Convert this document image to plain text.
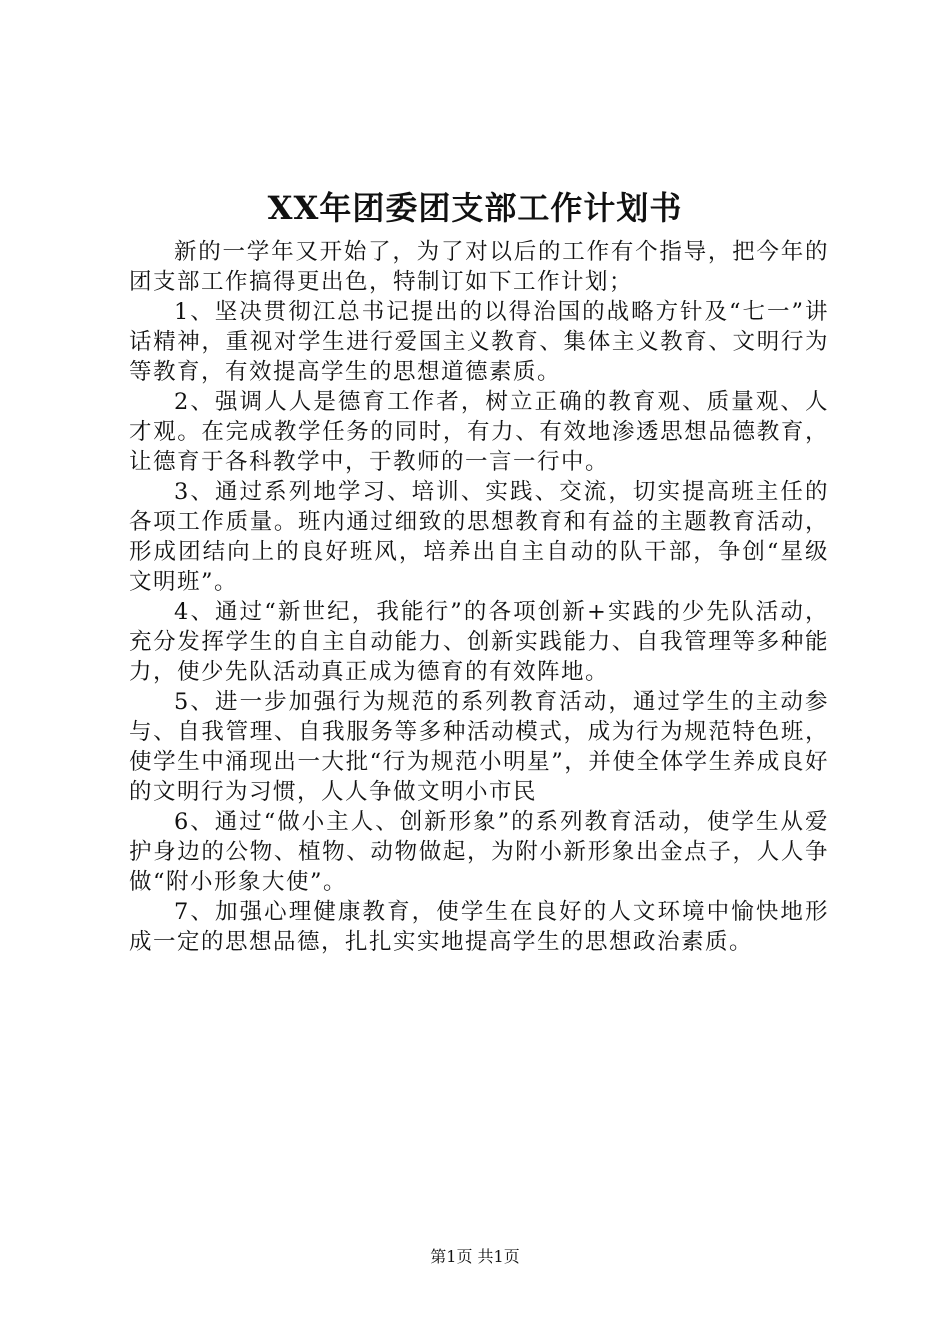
XX年团委团支部工作计划书

新的一学年又开始了，为了对以后的工作有个指导，把今年的团支部工作搞得更出色，特制订如下工作计划；

1、坚决贯彻江总书记提出的以得治国的战略方针及“七一”讲话精神，重视对学生进行爱国主义教育、集体主义教育、文明行为等教育，有效提高学生的思想道德素质。

2、强调人人是德育工作者，树立正确的教育观、质量观、人才观。在完成教学任务的同时，有力、有效地渗透思想品德教育，让德育于各科教学中，于教师的一言一行中。

3、通过系列地学习、培训、实践、交流，切实提高班主任的各项工作质量。班内通过细致的思想教育和有益的主题教育活动，形成团结向上的良好班风，培养出自主自动的队干部，争创“星级文明班”。

4、通过“新世纪，我能行”的各项创新+实践的少先队活动，充分发挥学生的自主自动能力、创新实践能力、自我管理等多种能力，使少先队活动真正成为德育的有效阵地。

5、进一步加强行为规范的系列教育活动，通过学生的主动参与、自我管理、自我服务等多种活动模式，成为行为规范特色班，使学生中涌现出一大批“行为规范小明星”，并使全体学生养成良好的文明行为习惯，人人争做文明小市民

6、通过“做小主人、创新形象”的系列教育活动，使学生从爱护身边的公物、植物、动物做起，为附小新形象出金点子，人人争做“附小形象大使”。

7、加强心理健康教育，使学生在良好的人文环境中愉快地形成一定的思想品德，扎扎实实地提高学生的思想政治素质。

第1页 共1页
